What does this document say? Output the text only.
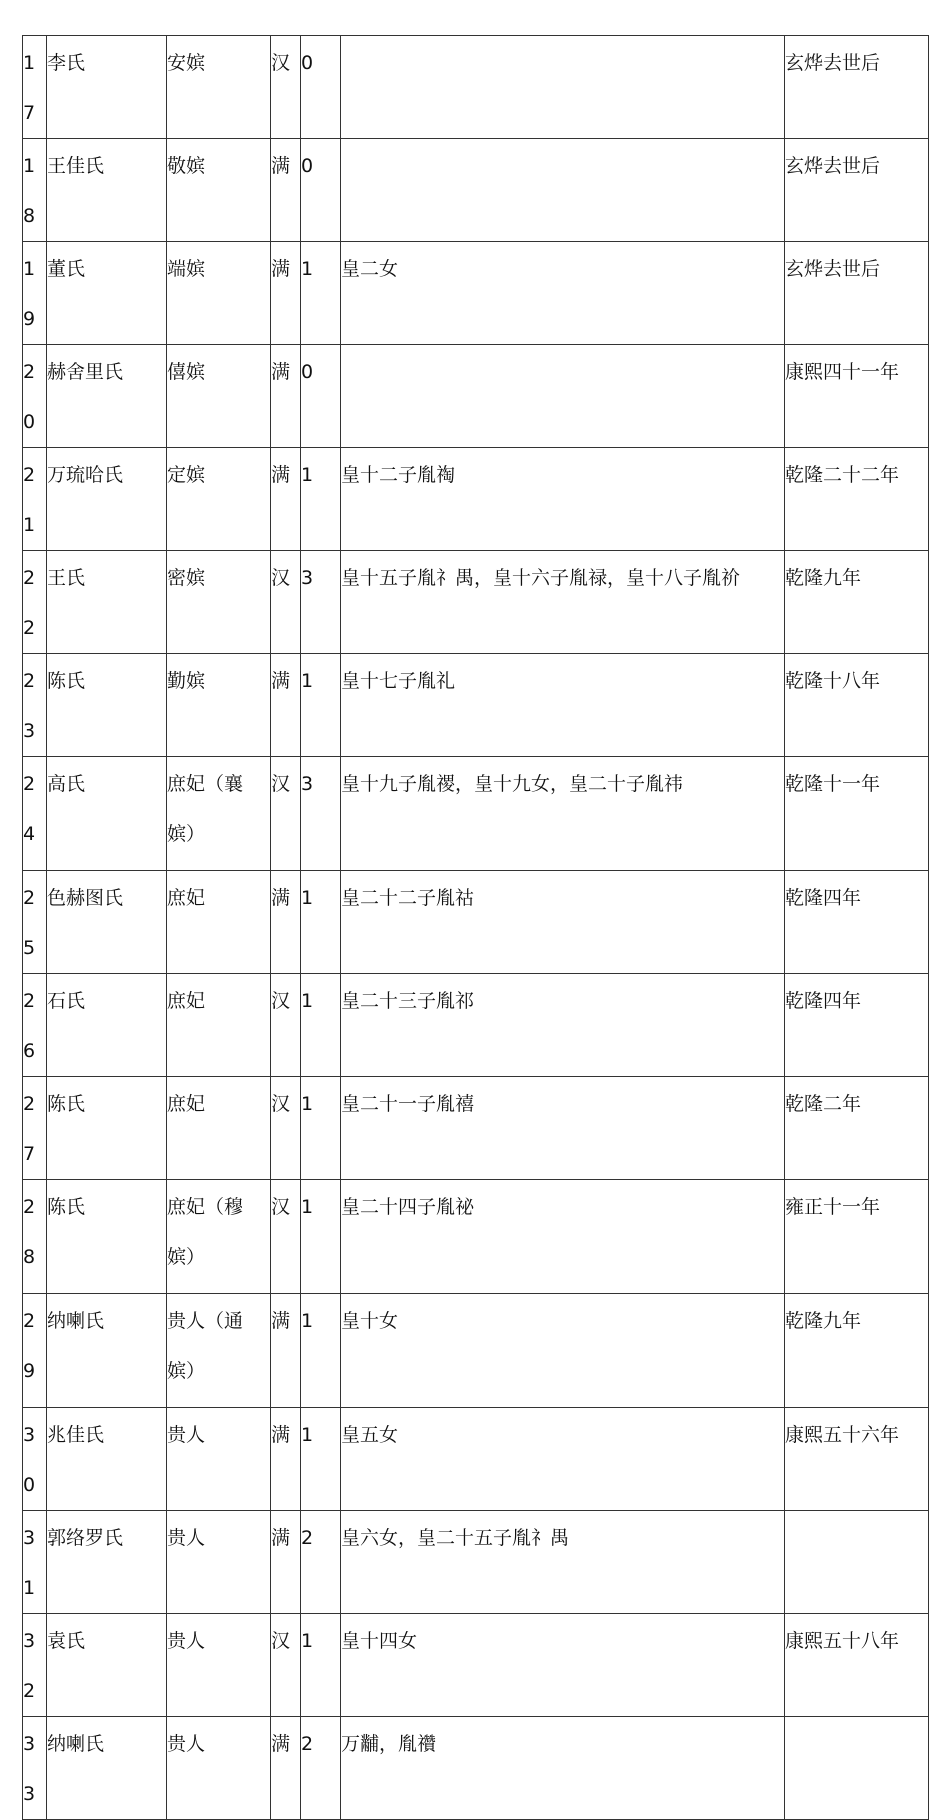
17	李氏	安嫔	汉	0		玄烨去世后
18	王佳氏	敬嫔	满	0		玄烨去世后
19	董氏	端嫔	满	1	皇二女	玄烨去世后
20	赫舍里氏	僖嫔	满	0		康熙四十一年
21	万琉哈氏	定嫔	满	1	皇十二子胤祹	乾隆二十二年
22	王氏	密嫔	汉	3	皇十五子胤礻禺，皇十六子胤禄，皇十八子胤祄	乾隆九年
23	陈氏	勤嫔	满	1	皇十七子胤礼	乾隆十八年
24	高氏	庶妃（襄嫔）	汉	3	皇十九子胤禝，皇十九女，皇二十子胤祎	乾隆十一年
25	色赫图氏	庶妃	满	1	皇二十二子胤祜	乾隆四年
26	石氏	庶妃	汉	1	皇二十三子胤祁	乾隆四年
27	陈氏	庶妃	汉	1	皇二十一子胤禧	乾隆二年
28	陈氏	庶妃（穆嫔）	汉	1	皇二十四子胤祕	雍正十一年
29	纳喇氏	贵人（通嫔）	满	1	皇十女	乾隆九年
30	兆佳氏	贵人	满	1	皇五女	康熙五十六年
31	郭络罗氏	贵人	满	2	皇六女，皇二十五子胤礻禺	
32	袁氏	贵人	汉	1	皇十四女	康熙五十八年
33	纳喇氏	贵人	满	2	万黼，胤禶	
